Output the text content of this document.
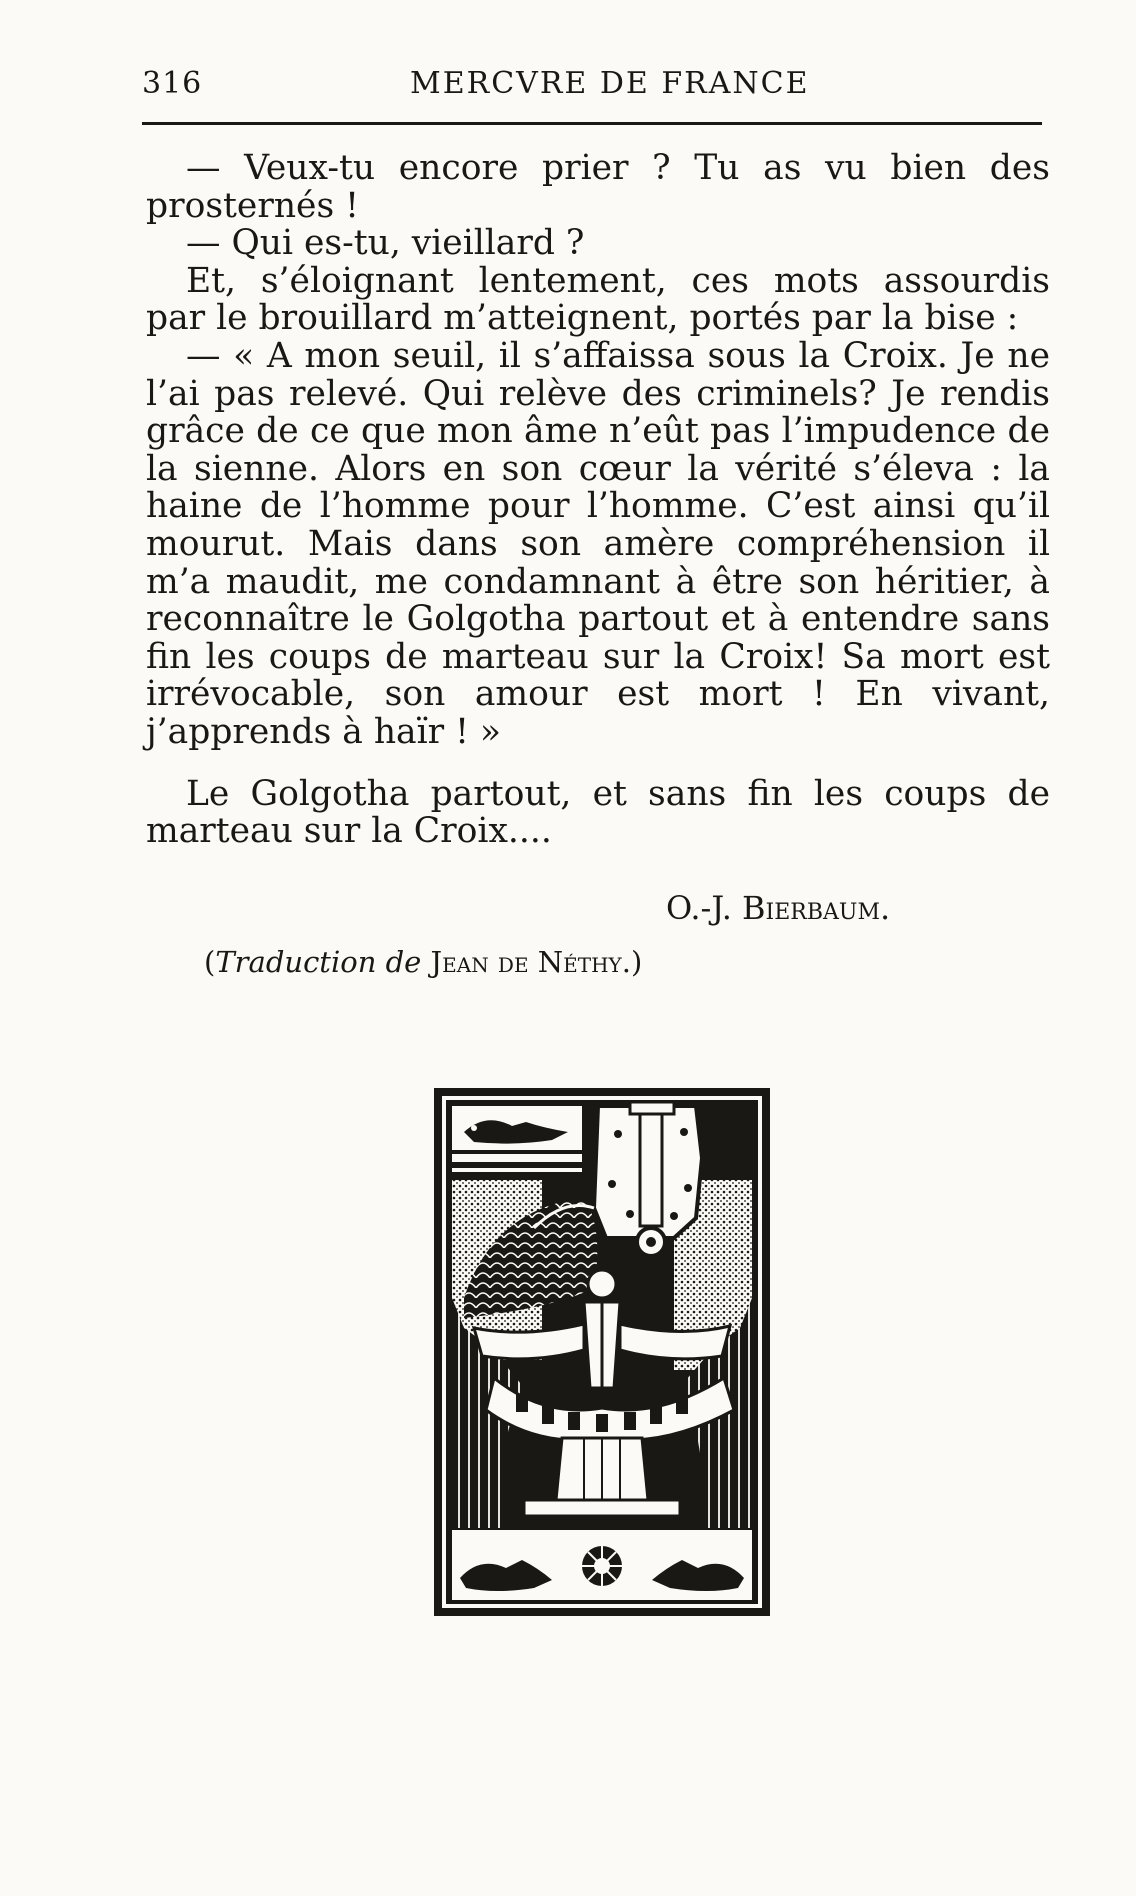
316	MERCVRE DE FRANCE

— Veux-tu encore prier ? Tu as vu bien des prosternés !

— Qui es-tu, vieillard ?

Et, s’éloignant lentement, ces mots assourdis par le brouillard m’atteignent, portés par la bise :

— « A mon seuil, il s’affaissa sous la Croix. Je ne l’ai pas relevé. Qui relève des criminels? Je rendis grâce de ce que mon âme n’eût pas l’impudence de la sienne. Alors en son cœur la vérité s’éleva : la haine de l’homme pour l’homme. C’est ainsi qu’il mourut. Mais dans son amère compréhension il m’a maudit, me condamnant à être son héritier, à reconnaître le Golgotha partout et à entendre sans fin les coups de marteau sur la Croix! Sa mort est irrévocable, son amour est mort ! En vivant, j’apprends à haïr ! »

Le Golgotha partout, et sans fin les coups de marteau sur la Croix....

O.-J. Bierbaum.
(Traduction de Jean de Néthy.)
